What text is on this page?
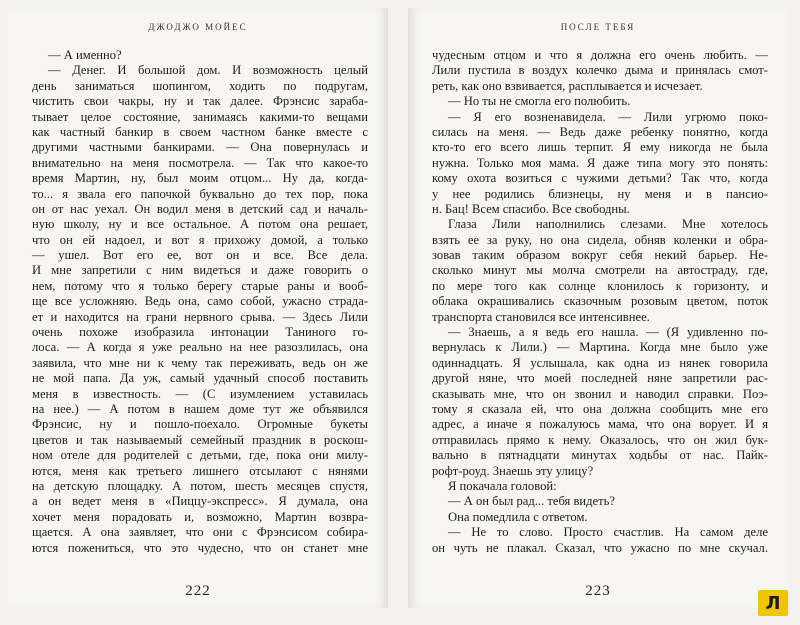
ДЖОДЖО МОЙЕС
— А именно?
— Денег. И большой дом. И возможность целый
день заниматься шопингом, ходить по подругам,
чистить свои чакры, ну и так далее. Фрэнсис зараба-
тывает целое состояние, занимаясь какими-то вещами
как частный банкир в своем частном банке вместе с
другими частными банкирами. — Она повернулась и
внимательно на меня посмотрела. — Так что какое-то
время Мартин, ну, был моим отцом... Ну да, когда-
то... я звала его папочкой буквально до тех пор, пока
он от нас уехал. Он водил меня в детский сад и началь-
ную школу, ну и все остальное. А потом она решает,
что он ей надоел, и вот я прихожу домой, а только
— ушел. Вот его ее, вот он и все. Все дела.
И мне запретили с ним видеться и даже говорить о
нем, потому что я только берегу старые раны и вооб-
ще все усложняю. Ведь она, само собой, ужасно страда-
ет и находится на грани нервного срыва. — Здесь Лили
очень похоже изобразила интонации Таниного го-
лоса. — А когда я уже реально на нее разозлилась, она
заявила, что мне ни к чему так переживать, ведь он же
не мой папа. Да уж, самый удачный способ поставить
меня в известность. — (С изумлением уставилась
на нее.) — А потом в нашем доме тут же объявился
Фрэнсис, ну и пошло-поехало. Огромные букеты
цветов и так называемый семейный праздник в роскош-
ном отеле для родителей с детьми, где, пока они милу-
ются, меня как третьего лишнего отсылают с нянями
на детскую площадку. А потом, шесть месяцев спустя,
а он ведет меня в «Пиццу-экспресс». Я думала, она
хочет меня порадовать и, возможно, Мартин возвра-
щается. А она заявляет, что они с Фрэнсисом собира-
ются пожениться, что это чудесно, что он станет мне
222
ПОСЛЕ ТЕБЯ
чудесным отцом и что я должна его очень любить. —
Лили пустила в воздух колечко дыма и принялась смот-
реть, как оно взвивается, расплывается и исчезает.
— Но ты не смогла его полюбить.
— Я его возненавидела. — Лили угрюмо поко-
силась на меня. — Ведь даже ребенку понятно, когда
кто-то его всего лишь терпит. Я ему никогда не была
нужна. Только моя мама. Я даже типа могу это понять:
кому охота возиться с чужими детьми? Так что, когда
у нее родились близнецы, ну меня и в пансио-
н. Бац! Всем спасибо. Все свободны.
Глаза Лили наполнились слезами. Мне хотелось
взять ее за руку, но она сидела, обняв коленки и обра-
зовав таким образом вокруг себя некий барьер. Не-
сколько минут мы молча смотрели на автостраду, где,
по мере того как солнце клонилось к горизонту, и
облака окрашивались сказочным розовым цветом, поток
транспорта становился все интенсивнее.
— Знаешь, а я ведь его нашла. — (Я удивленно по-
вернулась к Лили.) — Мартина. Когда мне было уже
одиннадцать. Я услышала, как одна из нянек говорила
другой няне, что моей последней няне запретили рас-
сказывать мне, что он звонил и наводил справки. Поэ-
тому я сказала ей, что она должна сообщить мне его
адрес, а иначе я пожалуюсь мама, что она ворует. И я
отправилась прямо к нему. Оказалось, что он жил бук-
вально в пятнадцати минутах ходьбы от нас. Пайк-
рофт-роуд. Знаешь эту улицу?
Я покачала головой:
— А он был рад... тебя видеть?
Она помедлила с ответом.
— Не то слово. Просто счастлив. На самом деле
он чуть не плакал. Сказал, что ужасно по мне скучал.
223
Л
